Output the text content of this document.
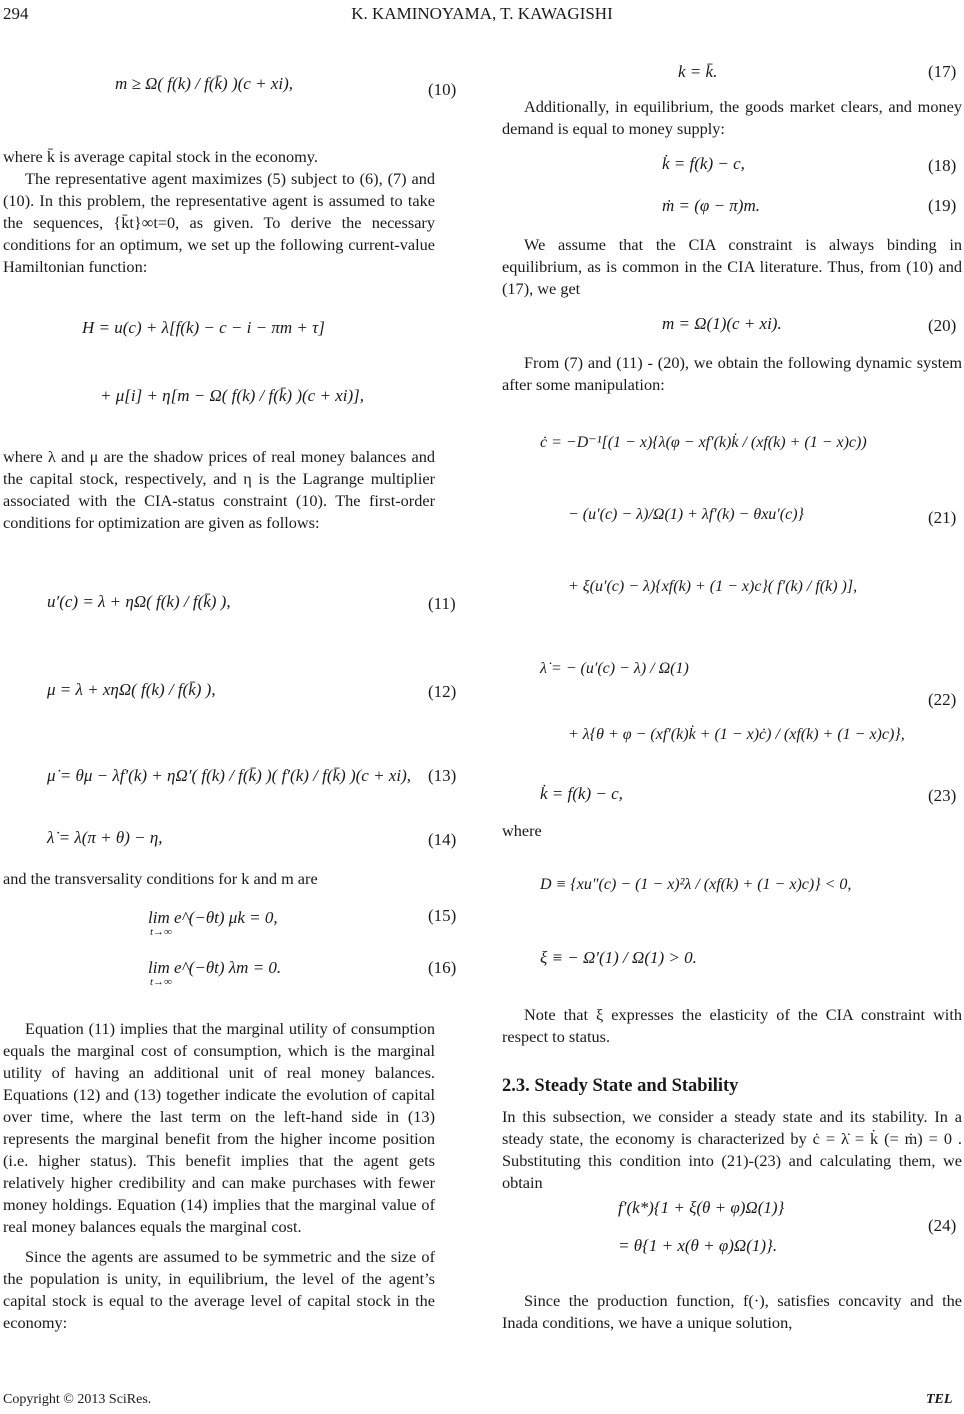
294	K. KAMINOYAMA, T. KAWAGISHI
m ≥ Ω( f(k) / f(k̄) )(c + xi),	(10)

where k̄ is average capital stock in the economy.

The representative agent maximizes (5) subject to (6), (7) and (10). In this problem, the representative agent is assumed to take the sequences, {k̄t}∞t=0, as given. To derive the necessary conditions for an optimum, we set up the following current-value Hamiltonian function:

H = u(c) + λ[f(k) − c − i − πm + τ]
+ μ[i] + η[m − Ω( f(k) / f(k̄) )(c + xi)],

where λ and μ are the shadow prices of real money balances and the capital stock, respectively, and η is the Lagrange multiplier associated with the CIA-status constraint (10). The first-order conditions for optimization are given as follows:

u′(c) = λ + ηΩ( f(k) / f(k̄) ),	(11)
μ = λ + xηΩ( f(k) / f(k̄) ),	(12)
μ̇ = θμ − λf′(k) + ηΩ′( f(k) / f(k̄) )( f′(k) / f(k̄) )(c + xi), (13)
λ̇ = λ(π + θ) − η,	(14)

and the transversality conditions for k and m are

lim e^(−θt) μk = 0,
t→∞
(15)
lim e^(−θt) λm = 0.
t→∞
(16)

Equation (11) implies that the marginal utility of consumption equals the marginal cost of consumption, which is the marginal utility of having an additional unit of real money balances. Equations (12) and (13) together indicate the evolution of capital over time, where the last term on the left-hand side in (13) represents the marginal benefit from the higher income position (i.e. higher status). This benefit implies that the agent gets relatively higher credibility and can make purchases with fewer money holdings. Equation (14) implies that the marginal value of real money balances equals the marginal cost.

Since the agents are assumed to be symmetric and the size of the population is unity, in equilibrium, the level of the agent’s capital stock is equal to the average level of capital stock in the economy:

k = k̄.	(17)

Additionally, in equilibrium, the goods market clears, and money demand is equal to money supply:

k̇ = f(k) − c,	(18)
ṁ = (φ − π)m.	(19)

We assume that the CIA constraint is always binding in equilibrium, as is common in the CIA literature. Thus, from (10) and (17), we get

m = Ω(1)(c + xi).	(20)

From (7) and (11) - (20), we obtain the following dynamic system after some manipulation:

ċ = −D⁻¹[(1 − x){λ(φ − xf′(k)k̇ / (xf(k) + (1 − x)c))
− (u′(c) − λ)/Ω(1) + λf′(k) − θxu′(c)}
+ ξ(u′(c) − λ){xf(k) + (1 − x)c}( f′(k) / f(k) )],
(21)
λ̇ = − (u′(c) − λ) / Ω(1)
+ λ{θ + φ − (xf′(k)k̇ + (1 − x)ċ) / (xf(k) + (1 − x)c)},
(22)
k̇ = f(k) − c,	(23)

where

D ≡ {xu″(c) − (1 − x)²λ / (xf(k) + (1 − x)c)} < 0,
ξ ≡ − Ω′(1) / Ω(1) > 0.

Note that ξ expresses the elasticity of the CIA constraint with respect to status.

2.3. Steady State and Stability

In this subsection, we consider a steady state and its stability. In a steady state, the economy is characterized by ċ = λ̇ = k̇ (= ṁ) = 0 . Substituting this condition into (21)-(23) and calculating them, we obtain

f′(k*){1 + ξ(θ + φ)Ω(1)}
= θ{1 + x(θ + φ)Ω(1)}.
(24)

Since the production function, f(·), satisfies concavity and the Inada conditions, we have a unique solution,

Copyright © 2013 SciRes.	TEL
